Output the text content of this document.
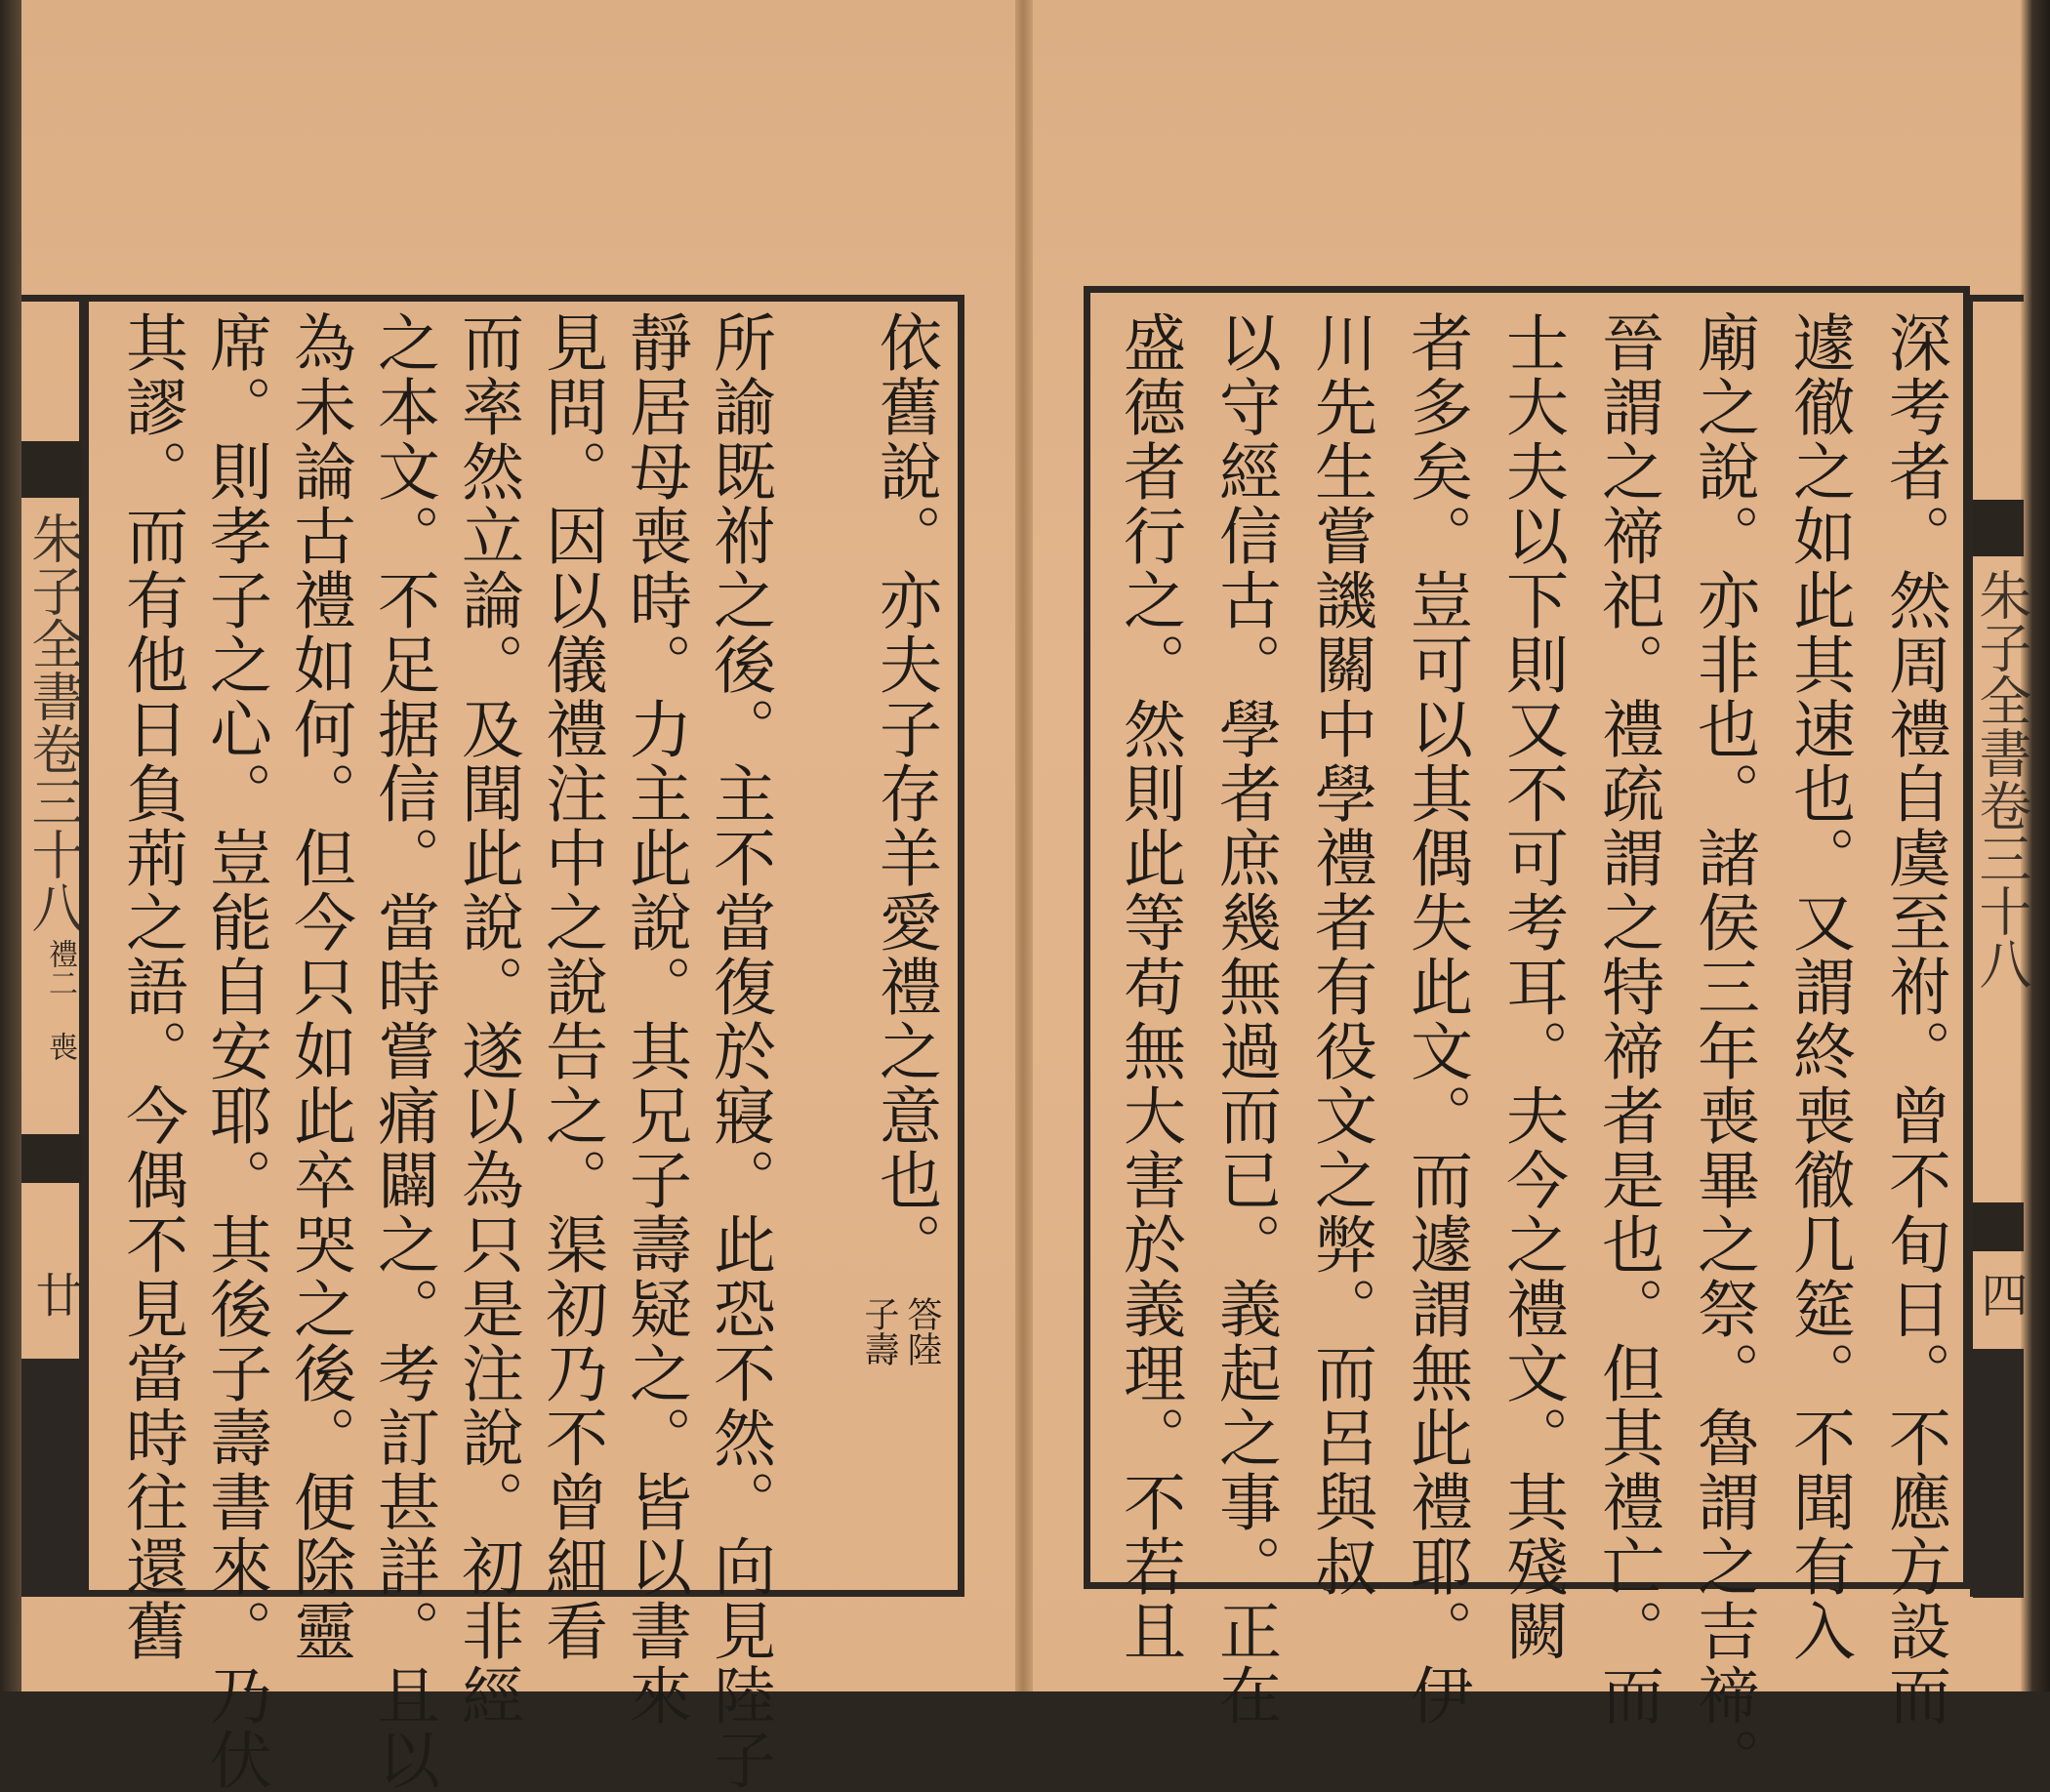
朱子全書卷三十八
禮二 喪
廿
朱子全書卷三十八
四
依舊說。亦夫子存羊愛禮之意也。
答陸
子壽
所諭既祔之後。主不當復於寢。此恐不然。向見陸子
靜居母喪時。力主此說。其兄子壽疑之。皆以書來
見問。因以儀禮注中之說告之。渠初乃不曾細看
而率然立論。及聞此說。遂以為只是注說。初非經
之本文。不足据信。當時嘗痛闢之。考訂甚詳。且以
為未論古禮如何。但今只如此卒哭之後。便除靈
席。則孝子之心。豈能自安耶。其後子壽書來。乃伏
其謬。而有他日負荊之語。今偶不見當時往還舊	深考者。然周禮自虞至祔。曾不旬日。不應方設而
遽徹之如此其速也。又謂終喪徹几筵。不聞有入
廟之說。亦非也。諸侯三年喪畢之祭。魯謂之吉禘。
晉謂之禘祀。禮疏謂之特禘者是也。但其禮亡。而
士大夫以下則又不可考耳。夫今之禮文。其殘闕
者多矣。豈可以其偶失此文。而遽謂無此禮耶。伊
川先生嘗譏關中學禮者有役文之弊。而呂與叔
以守經信古。學者庶幾無過而已。義起之事。正在
盛德者行之。然則此等苟無大害於義理。不若且
